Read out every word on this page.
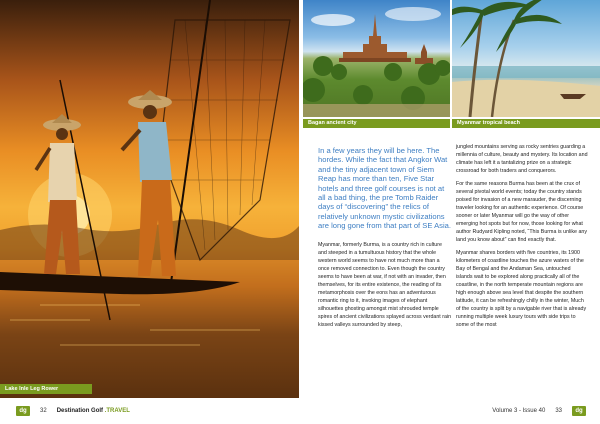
Lake Inle Leg Rower
dg	32 Destination Golf .TRAVEL
Bagan ancient city	Myanmar tropical beach

In a few years they will be here. The hordes. While the fact that Angkor Wat and the tiny adjacent town of Siem Reap has more than ten, Five Star hotels and three golf courses is not at all a bad thing, the pre Tomb Raider days of “discovering” the relics of relatively unknown mystic civilizations are long gone from that part of SE Asia.

Myanmar, formerly Burma, is a country rich in culture and steeped in a tumultuous history that the whole western world seems to have not much more than a once removed connection to. Even though the country seems to have been at war, if not with an invader, then themselves, for its entire existence, the reading of its metamorphosis over the eons has an adventurous romantic ring to it, invoking images of elephant silhouettes ghosting amongst mist shrouded temple spires of ancient civilizations splayed across verdant rain kissed valleys surrounded by steep,

jungled mountains serving as rocky sentries guarding a millennia of culture, beauty and mystery. Its location and climate has left it a tantalizing prize on a strategic crossroad for both traders and conquerors.

For the same reasons Burma has been at the crux of several pivotal world events; today the country stands poised for invasion of a new marauder, the discerning traveler looking for an authentic experience. Of course sooner or later Myanmar will go the way of other emerging hot spots but for now, those looking for what author Rudyard Kipling noted, “This Burma is unlike any land you know about” can find exactly that.

Myanmar shares borders with five countries, its 1900 kilometers of coastline touches the azure waters of the Bay of Bengal and the Andaman Sea, untouched islands wait to be explored along practically all of the coastline, in the north temperate mountain regions are high enough above sea level that despite the southern latitude, it can be refreshingly chilly in the winter, Much of the country is split by a navigable river that is already running multiple week luxury tours with side trips to some of the most

Volume 3 - Issue 40 33	dg
